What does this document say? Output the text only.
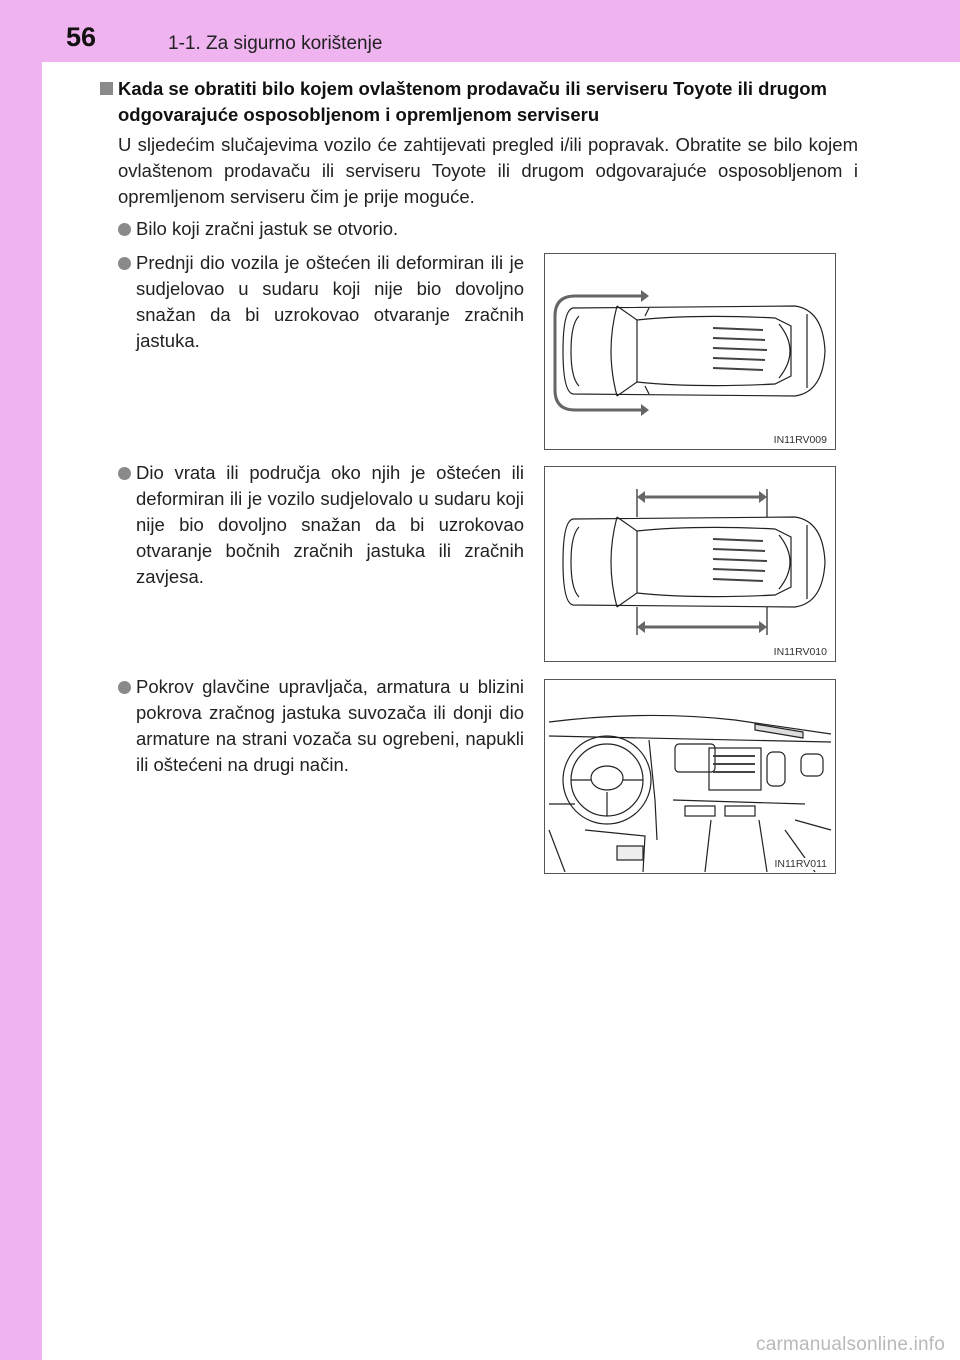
56	1-1. Za sigurno korištenje
Kada se obratiti bilo kojem ovlaštenom prodavaču ili serviseru Toyote ili drugom odgovarajuće osposobljenom i opremljenom serviseru
U sljedećim slučajevima vozilo će zahtijevati pregled i/ili popravak. Obratite se bilo kojem ovlaštenom prodavaču ili serviseru Toyote ili drugom odgovarajuće osposobljenom i opremljenom serviseru čim je prije moguće.
Bilo koji zračni jastuk se otvorio.
Prednji dio vozila je oštećen ili deformiran ili je sudjelovao u sudaru koji nije bio dovoljno snažan da bi uzrokovao otvaranje zračnih jastuka.
Dio vrata ili područja oko njih je oštećen ili deformiran ili je vozilo sudjelovalo u sudaru koji nije bio dovoljno snažan da bi uzrokovao otvaranje bočnih zračnih jastuka ili zračnih zavjesa.
Pokrov glavčine upravljača, armatura u blizini pokrova zračnog jastuka suvozača ili donji dio armature na strani vozača su ogrebeni, napukli ili oštećeni na drugi način.
IN11RV009
IN11RV010
IN11RV011
carmanualsonline.info
